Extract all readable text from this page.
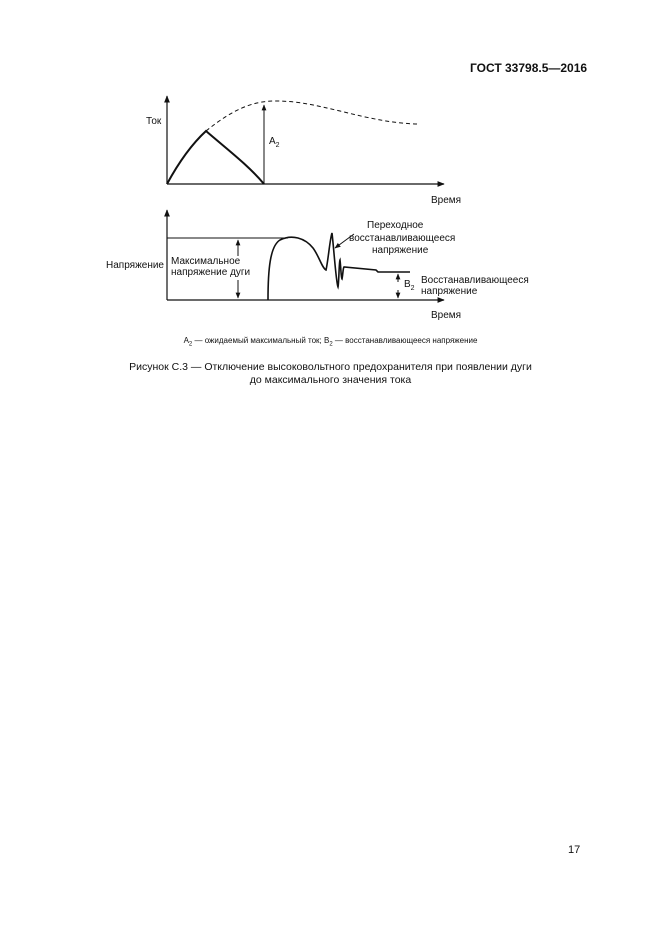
ГОСТ 33798.5—2016
Ток
$A_2$
Время
Напряжение Максимальное
напряжение дуги
Переходное
восстанавливающееся
напряжение
$B_2$
Восстанавливающееся
напряжение
Время
$A_2$ — ожидаемый максимальный ток; $B_2$ — восстанавливающееся напряжение
Рисунок С.3 — Отключение высоковольтного предохранителя при появлении дуги
до максимального значения тока
17
